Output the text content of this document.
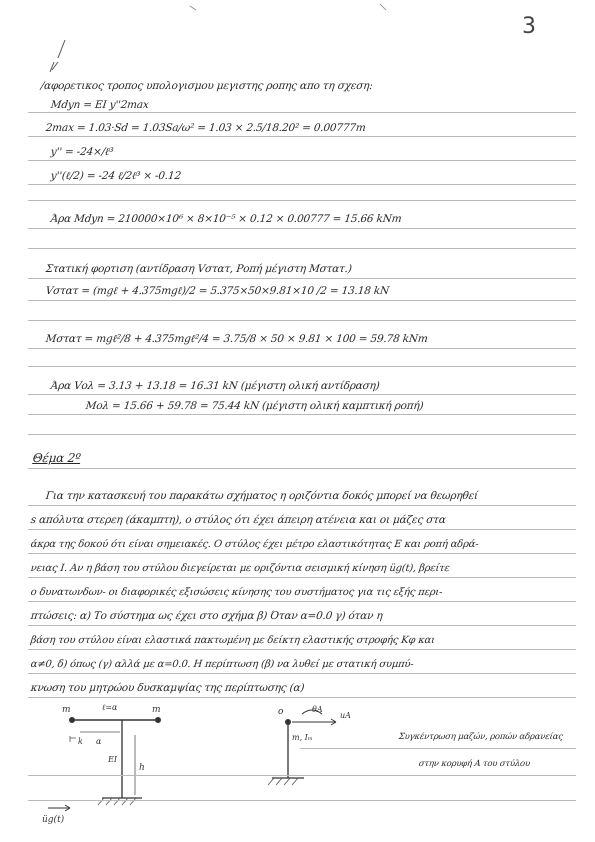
3
/αφορετικος τροπος υπολογισμου μεγιστης ροπης απο τη σχεση:
Mdyn = EI y''2max
2max = 1.03·Sd = 1.03Sa/ω² = 1.03 × 2.5/18.20² = 0.00777m
y'' = -24×/ℓ³
y''(ℓ/2) = -24 ℓ/2ℓ³ × -0.12
Άρα Mdyn = 210000×10⁶ × 8×10⁻⁵ × 0.12 × 0.00777 = 15.66 kNm
Στατική φορτιση (αντίδραση Vστατ, Ροπή μέγιστη Mστατ.)
Vστατ = (mgℓ + 4.375mgℓ)/2 = 5.375×50×9.81×10 /2 = 13.18 kN
Mστατ = mgℓ²/8 + 4.375mgℓ²/4 = 3.75/8 × 50 × 9.81 × 100 = 59.78 kNm
Άρα Vολ = 3.13 + 13.18 = 16.31 kN (μέγιστη ολική αντίδραση)
Mολ = 15.66 + 59.78 = 75.44 kN (μέγιστη ολική καμπτική ροπή)
Θέμα 2º
Για την κατασκευή του παρακάτω σχήματος η οριζόντια δοκός μπορεί να θεωρηθεί
s απόλυτα στερεη (άκαμπτη), ο στύλος ότι έχει άπειρη ατένεια και οι μάζες στα
άκρα της δοκού ότι είναι σημειακές. Ο στύλος έχει μέτρο ελαστικότητας E και ροπή αδρά-
νειας I. Αν η βάση του στύλου διεγείρεται με οριζόντια σεισμική κίνηση üg(t), βρείτε
ο δυνατωνδων- οι διαφορικές εξισώσεις κίνησης του συστήματος για τις εξής περι-
πτώσεις: α) Το σύστημα ως έχει στο σχήμα β) Όταν α=0.0 γ) όταν η
βάση του στύλου είναι ελαστικά πακτωμένη με δείκτη ελαστικής στροφής Kφ και
α≠0, δ) όπως (γ) αλλά με α=0.0. Η περίπτωση (β) να λυθεί με στατική συμπύ-
κνωση του μητρώου δυσκαμψίας της περίπτωσης (α)
m	ℓ=α	m
k α
EI
h
üg(t)
o
m, Iₘ
θA
uA
Συγκέντρωση μαζών, ροπών αδρανείας
στην κορυφή A του στύλου
